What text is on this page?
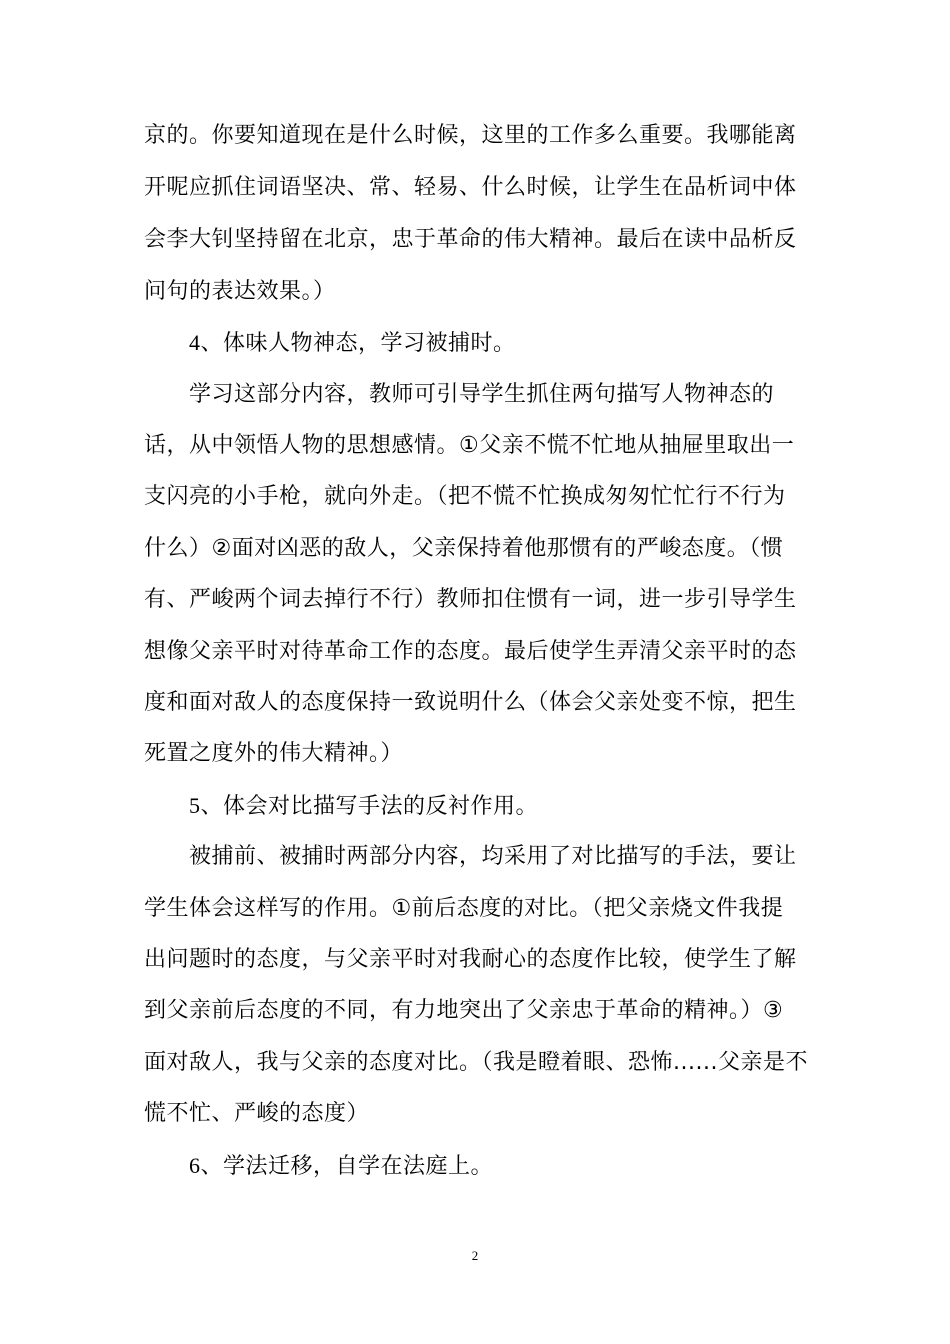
京的。你要知道现在是什么时候，这里的工作多么重要。我哪能离
开呢应抓住词语坚决、常、轻易、什么时候，让学生在品析词中体
会李大钊坚持留在北京，忠于革命的伟大精神。最后在读中品析反
问句的表达效果。）
4、体味人物神态，学习被捕时。
学习这部分内容，教师可引导学生抓住两句描写人物神态的
话，从中领悟人物的思想感情。①父亲不慌不忙地从抽屉里取出一
支闪亮的小手枪，就向外走。（把不慌不忙换成匆匆忙忙行不行为
什么）②面对凶恶的敌人，父亲保持着他那惯有的严峻态度。（惯
有、严峻两个词去掉行不行）教师扣住惯有一词，进一步引导学生
想像父亲平时对待革命工作的态度。最后使学生弄清父亲平时的态
度和面对敌人的态度保持一致说明什么（体会父亲处变不惊，把生
死置之度外的伟大精神。）
5、体会对比描写手法的反衬作用。
被捕前、被捕时两部分内容，均采用了对比描写的手法，要让
学生体会这样写的作用。①前后态度的对比。（把父亲烧文件我提
出问题时的态度，与父亲平时对我耐心的态度作比较，使学生了解
到父亲前后态度的不同，有力地突出了父亲忠于革命的精神。）③
面对敌人，我与父亲的态度对比。（我是瞪着眼、恐怖......父亲是不
慌不忙、严峻的态度）
6、学法迁移，自学在法庭上。
2
